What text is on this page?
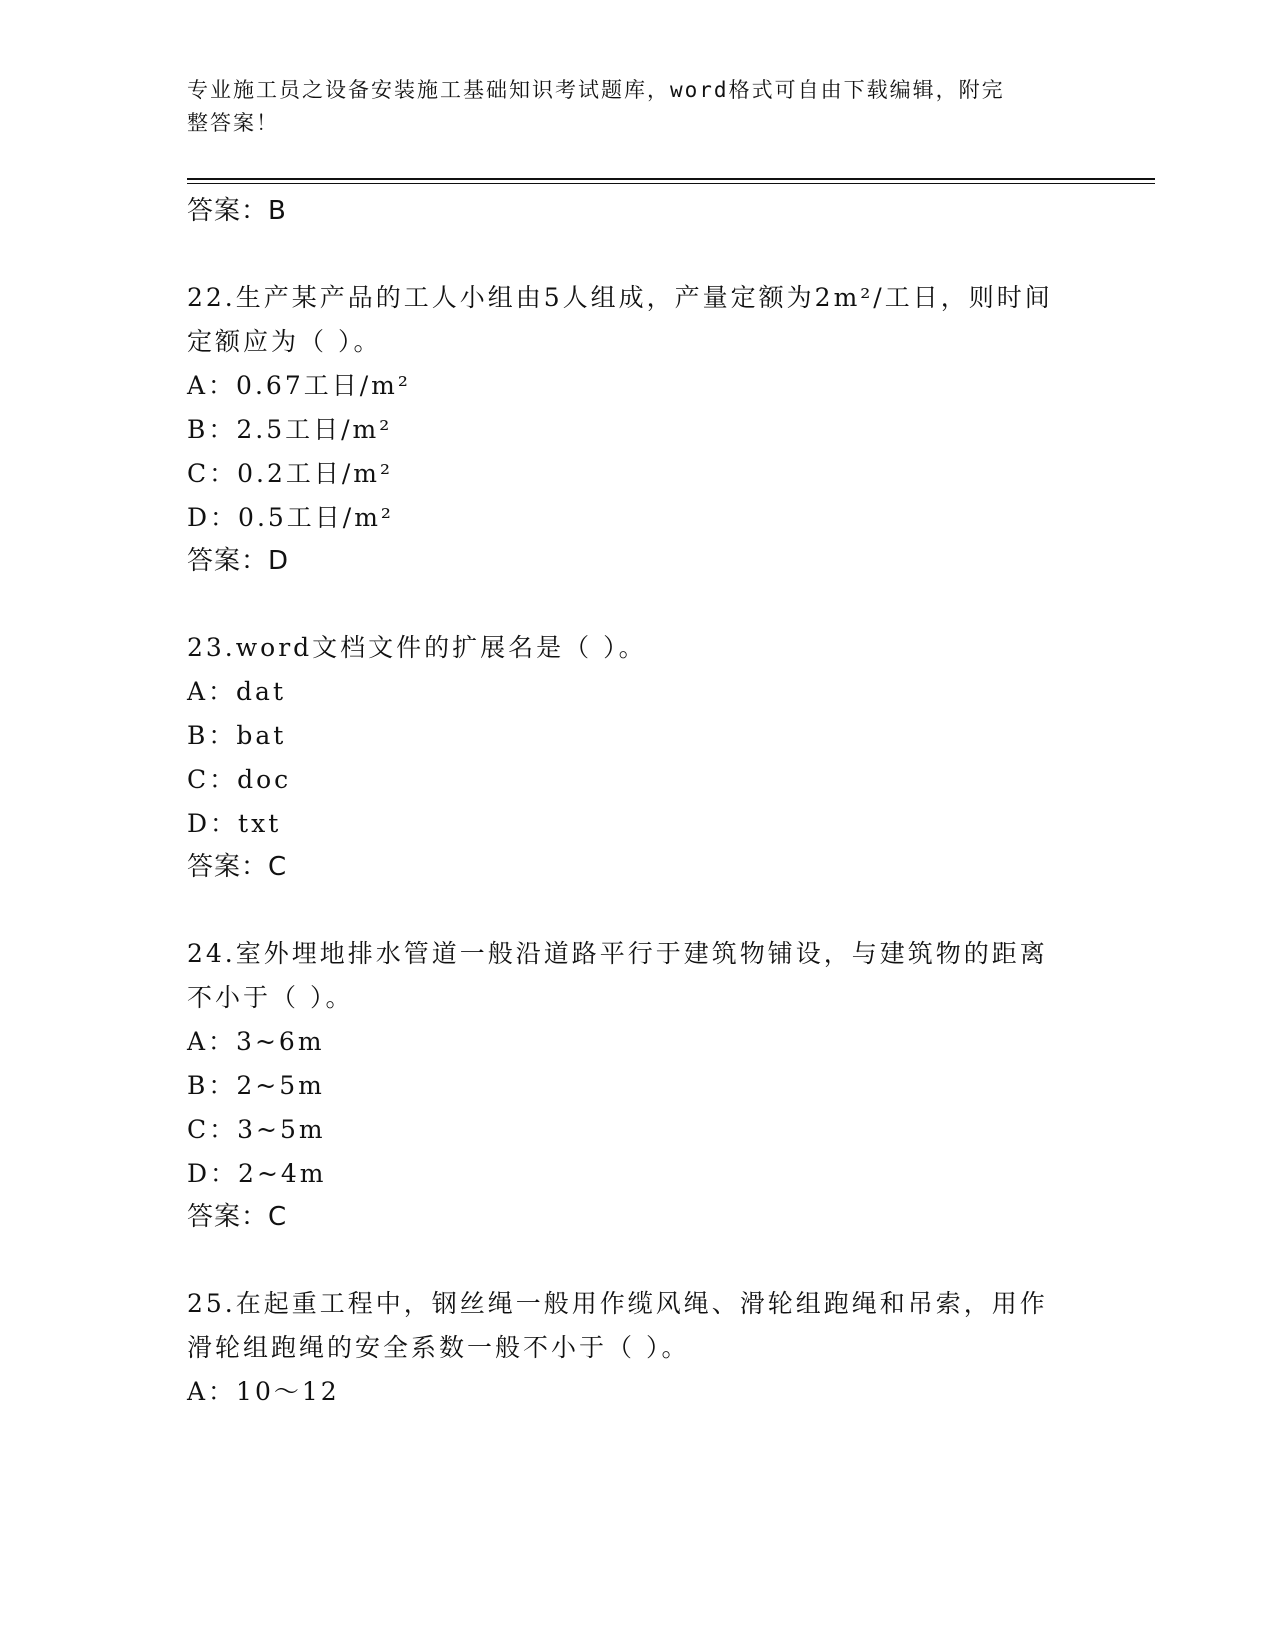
专业施工员之设备安装施工基础知识考试题库，word格式可自由下载编辑，附完
整答案！
答案：B
22.生产某产品的工人小组由5人组成，产量定额为2m²/工日，则时间
定额应为（ ）。
A：0.67工日/m²
B：2.5工日/m²
C：0.2工日/m²
D：0.5工日/m²
答案：D
23.word文档文件的扩展名是（ ）。
A：dat
B：bat
C：doc
D：txt
答案：C
24.室外埋地排水管道一般沿道路平行于建筑物铺设，与建筑物的距离
不小于（ ）。
A：3~6m
B：2~5m
C：3~5m
D：2~4m
答案：C
25.在起重工程中，钢丝绳一般用作缆风绳、滑轮组跑绳和吊索，用作
滑轮组跑绳的安全系数一般不小于（ ）。
A：10～12
